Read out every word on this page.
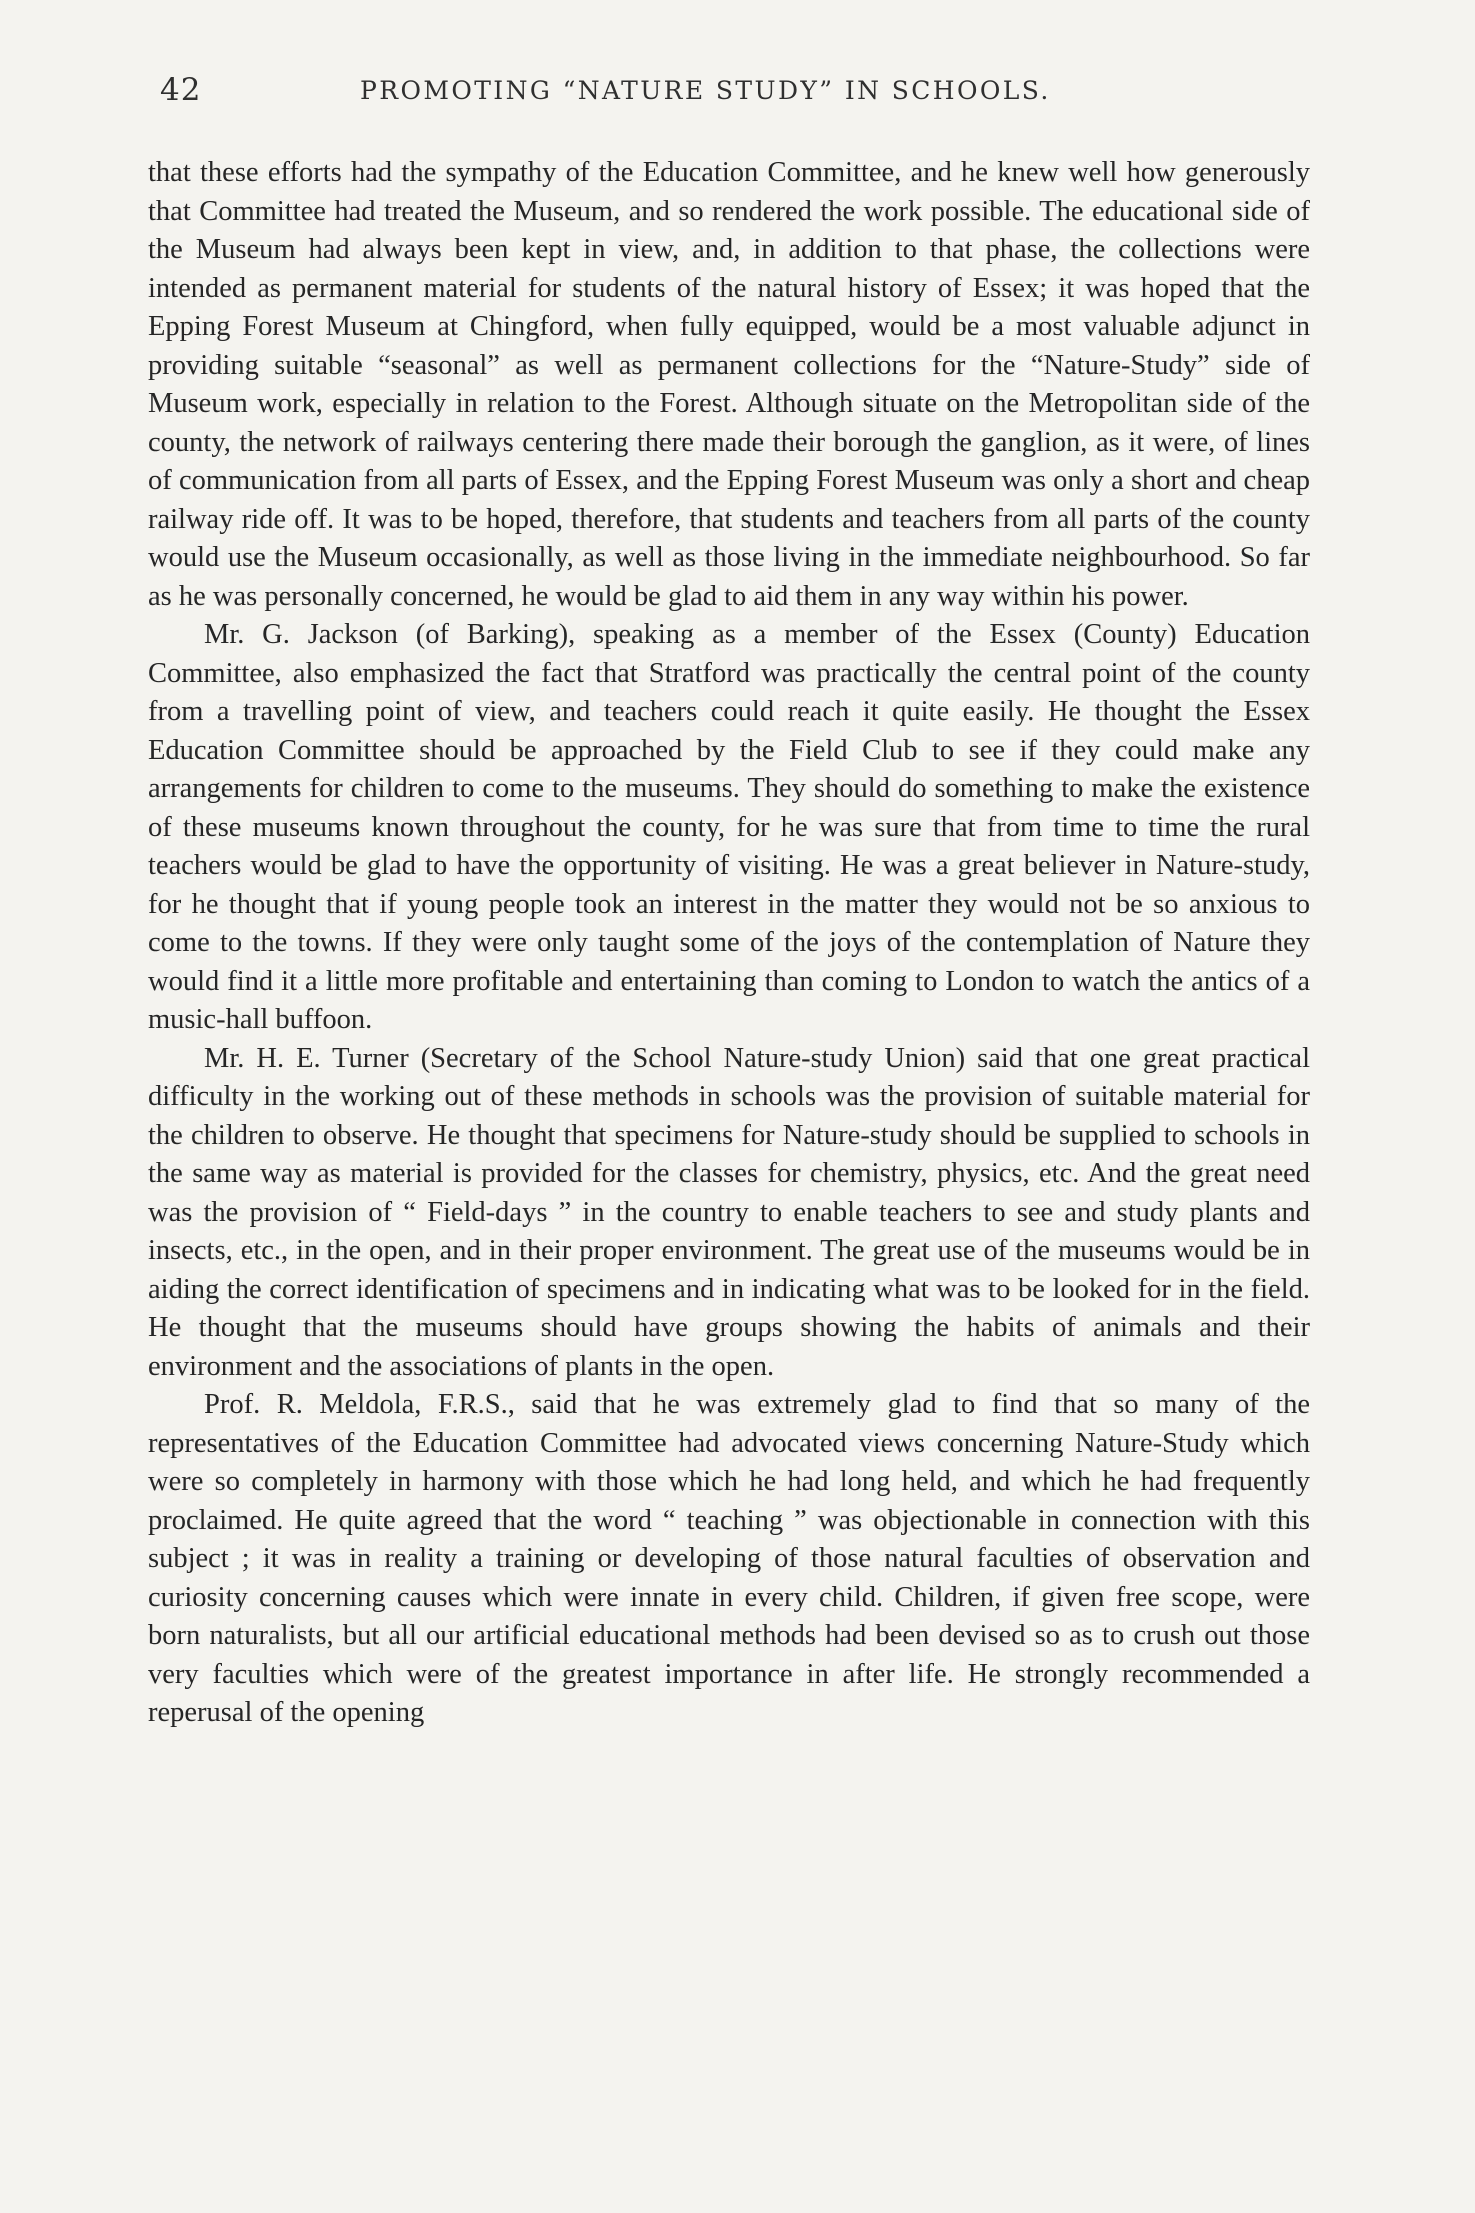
42	PROMOTING “NATURE STUDY” IN SCHOOLS.

that these efforts had the sympathy of the Education Committee, and he knew well how generously that Committee had treated the Museum, and so rendered the work possible. The educational side of the Museum had always been kept in view, and, in addition to that phase, the collections were intended as permanent material for students of the natural history of Essex; it was hoped that the Epping Forest Museum at Chingford, when fully equipped, would be a most valuable adjunct in providing suitable “seasonal” as well as permanent collections for the “Nature-Study” side of Museum work, especially in relation to the Forest. Although situate on the Metropolitan side of the county, the network of railways centering there made their borough the ganglion, as it were, of lines of communication from all parts of Essex, and the Epping Forest Museum was only a short and cheap railway ride off. It was to be hoped, therefore, that students and teachers from all parts of the county would use the Museum occasionally, as well as those living in the immediate neighbourhood. So far as he was personally concerned, he would be glad to aid them in any way within his power.

Mr. G. Jackson (of Barking), speaking as a member of the Essex (County) Education Committee, also emphasized the fact that Stratford was practically the central point of the county from a travelling point of view, and teachers could reach it quite easily. He thought the Essex Education Committee should be approached by the Field Club to see if they could make any arrangements for children to come to the museums. They should do something to make the existence of these museums known throughout the county, for he was sure that from time to time the rural teachers would be glad to have the opportunity of visiting. He was a great believer in Nature-study, for he thought that if young people took an interest in the matter they would not be so anxious to come to the towns. If they were only taught some of the joys of the contemplation of Nature they would find it a little more profitable and entertaining than coming to London to watch the antics of a music-hall buffoon.

Mr. H. E. Turner (Secretary of the School Nature-study Union) said that one great practical difficulty in the working out of these methods in schools was the provision of suitable material for the children to observe. He thought that specimens for Nature-study should be supplied to schools in the same way as material is provided for the classes for chemistry, physics, etc. And the great need was the provision of “ Field-days ” in the country to enable teachers to see and study plants and insects, etc., in the open, and in their proper environment. The great use of the museums would be in aiding the correct identification of specimens and in indicating what was to be looked for in the field. He thought that the museums should have groups showing the habits of animals and their environment and the associations of plants in the open.

Prof. R. Meldola, F.R.S., said that he was extremely glad to find that so many of the representatives of the Education Committee had advocated views concerning Nature-Study which were so completely in harmony with those which he had long held, and which he had frequently proclaimed. He quite agreed that the word “ teaching ” was objectionable in connection with this subject ; it was in reality a training or developing of those natural faculties of observation and curiosity concerning causes which were innate in every child. Children, if given free scope, were born naturalists, but all our artificial educational methods had been devised so as to crush out those very faculties which were of the greatest importance in after life. He strongly recommended a reperusal of the opening
